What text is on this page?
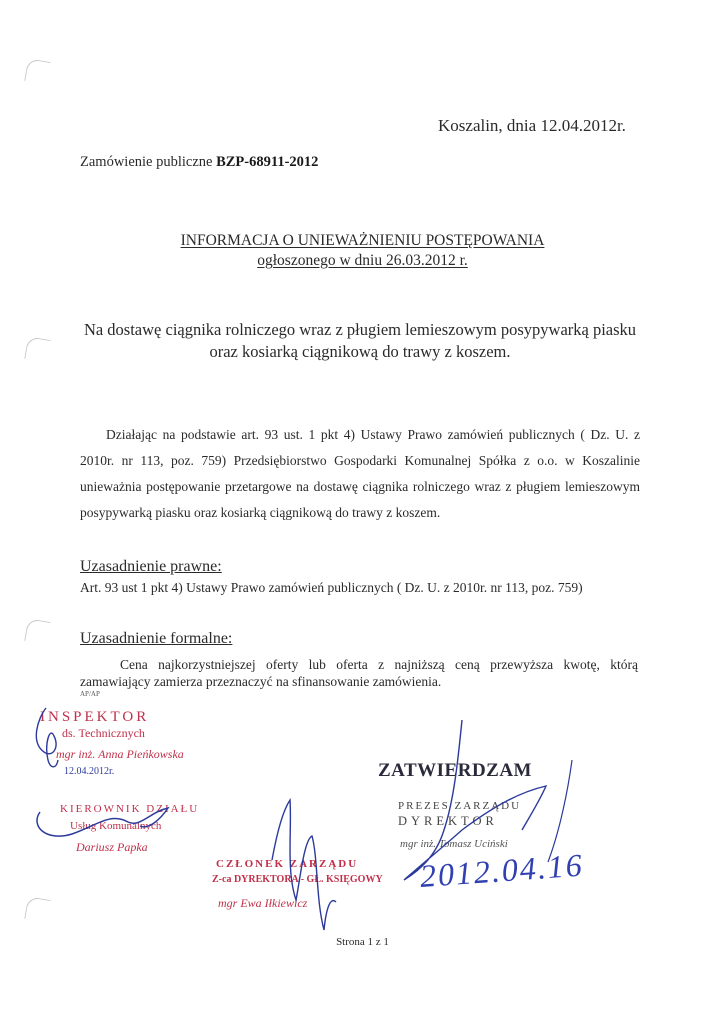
Koszalin, dnia 12.04.2012r.
Zamówienie publiczne BZP-68911-2012
INFORMACJA O UNIEWAŻNIENIU POSTĘPOWANIA
ogłoszonego w dniu 26.03.2012 r.
Na dostawę ciągnika rolniczego wraz z pługiem lemieszowym posypywarką piasku
oraz kosiarką ciągnikową do trawy z koszem.
Działając na podstawie art. 93 ust. 1 pkt 4) Ustawy Prawo zamówień publicznych ( Dz. U. z 2010r. nr 113, poz. 759) Przedsiębiorstwo Gospodarki Komunalnej Spółka z o.o. w Koszalinie unieważnia postępowanie przetargowe na dostawę ciągnika rolniczego wraz z pługiem lemieszowym posypywarką piasku oraz kosiarką ciągnikową do trawy z koszem.
Uzasadnienie prawne:
Art. 93 ust 1 pkt 4) Ustawy Prawo zamówień publicznych ( Dz. U. z 2010r. nr 113, poz. 759)
Uzasadnienie formalne:
Cena najkorzystniejszej oferty lub oferta z najniższą ceną przewyższa kwotę, którą zamawiający zamierza przeznaczyć na sfinansowanie zamówienia.
AP/AP
INSPEKTOR
ds. Technicznych
mgr inż. Anna Pieńkowska
12.04.2012r.
KIEROWNIK DZIAŁU
Usług Komunalnych
Dariusz Papka
CZŁONEK ZARZĄDU
Z-ca DYREKTORA - GŁ. KSIĘGOWY
mgr Ewa Iłkiewicz
ZATWIERDZAM
PREZES ZARZĄDU
DYREKTOR
mgr inż. Tomasz Uciński
2012.04.16
Strona 1 z 1
